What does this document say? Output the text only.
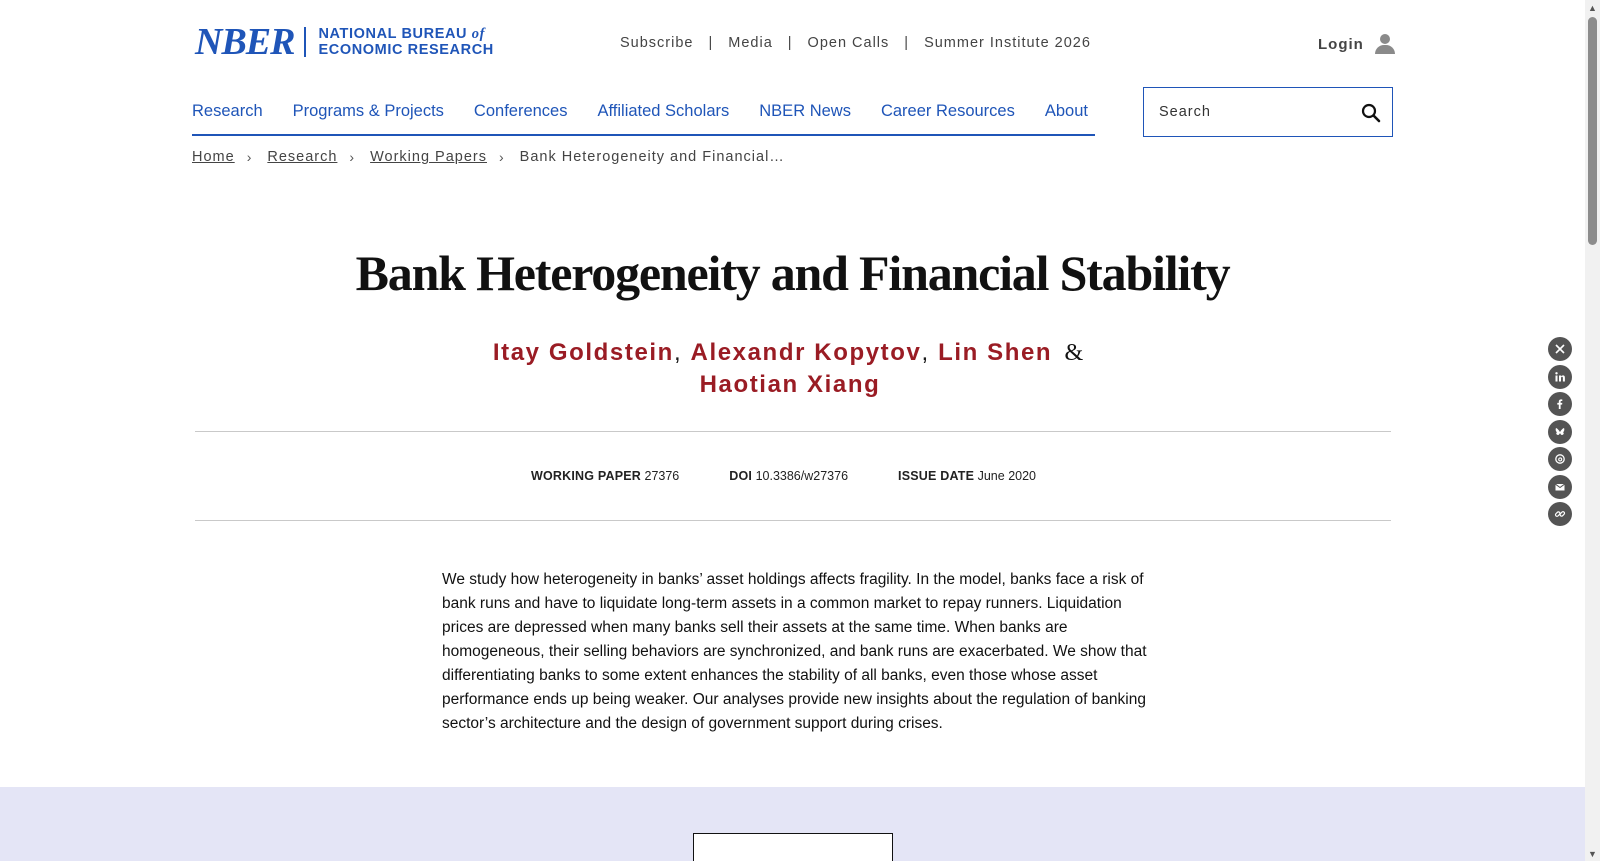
NBER NATIONAL BUREAU of
ECONOMIC RESEARCH	Subscribe | Media | Open Calls | Summer Institute 2026	Login
Research Programs & Projects Conferences Affiliated Scholars NBER News Career Resources About
Search
Home › Research › Working Papers › Bank Heterogeneity and Financial…
Bank Heterogeneity and Financial Stability
Itay Goldstein, Alexandr Kopytov, Lin Shen & Haotian Xiang
WORKING PAPER 27376	DOI 10.3386/w27376	ISSUE DATE June 2020

We study how heterogeneity in banks’ asset holdings affects fragility. In the model, banks face a risk of bank runs and have to liquidate long-term assets in a common market to repay runners. Liquidation prices are depressed when many banks sell their assets at the same time. When banks are homogeneous, their selling behaviors are synchronized, and bank runs are exacerbated. We show that differentiating banks to some extent enhances the stability of all banks, even those whose asset performance ends up being weaker. Our analyses provide new insights about the regulation of banking sector’s architecture and the design of government support during crises.

▲
▼
